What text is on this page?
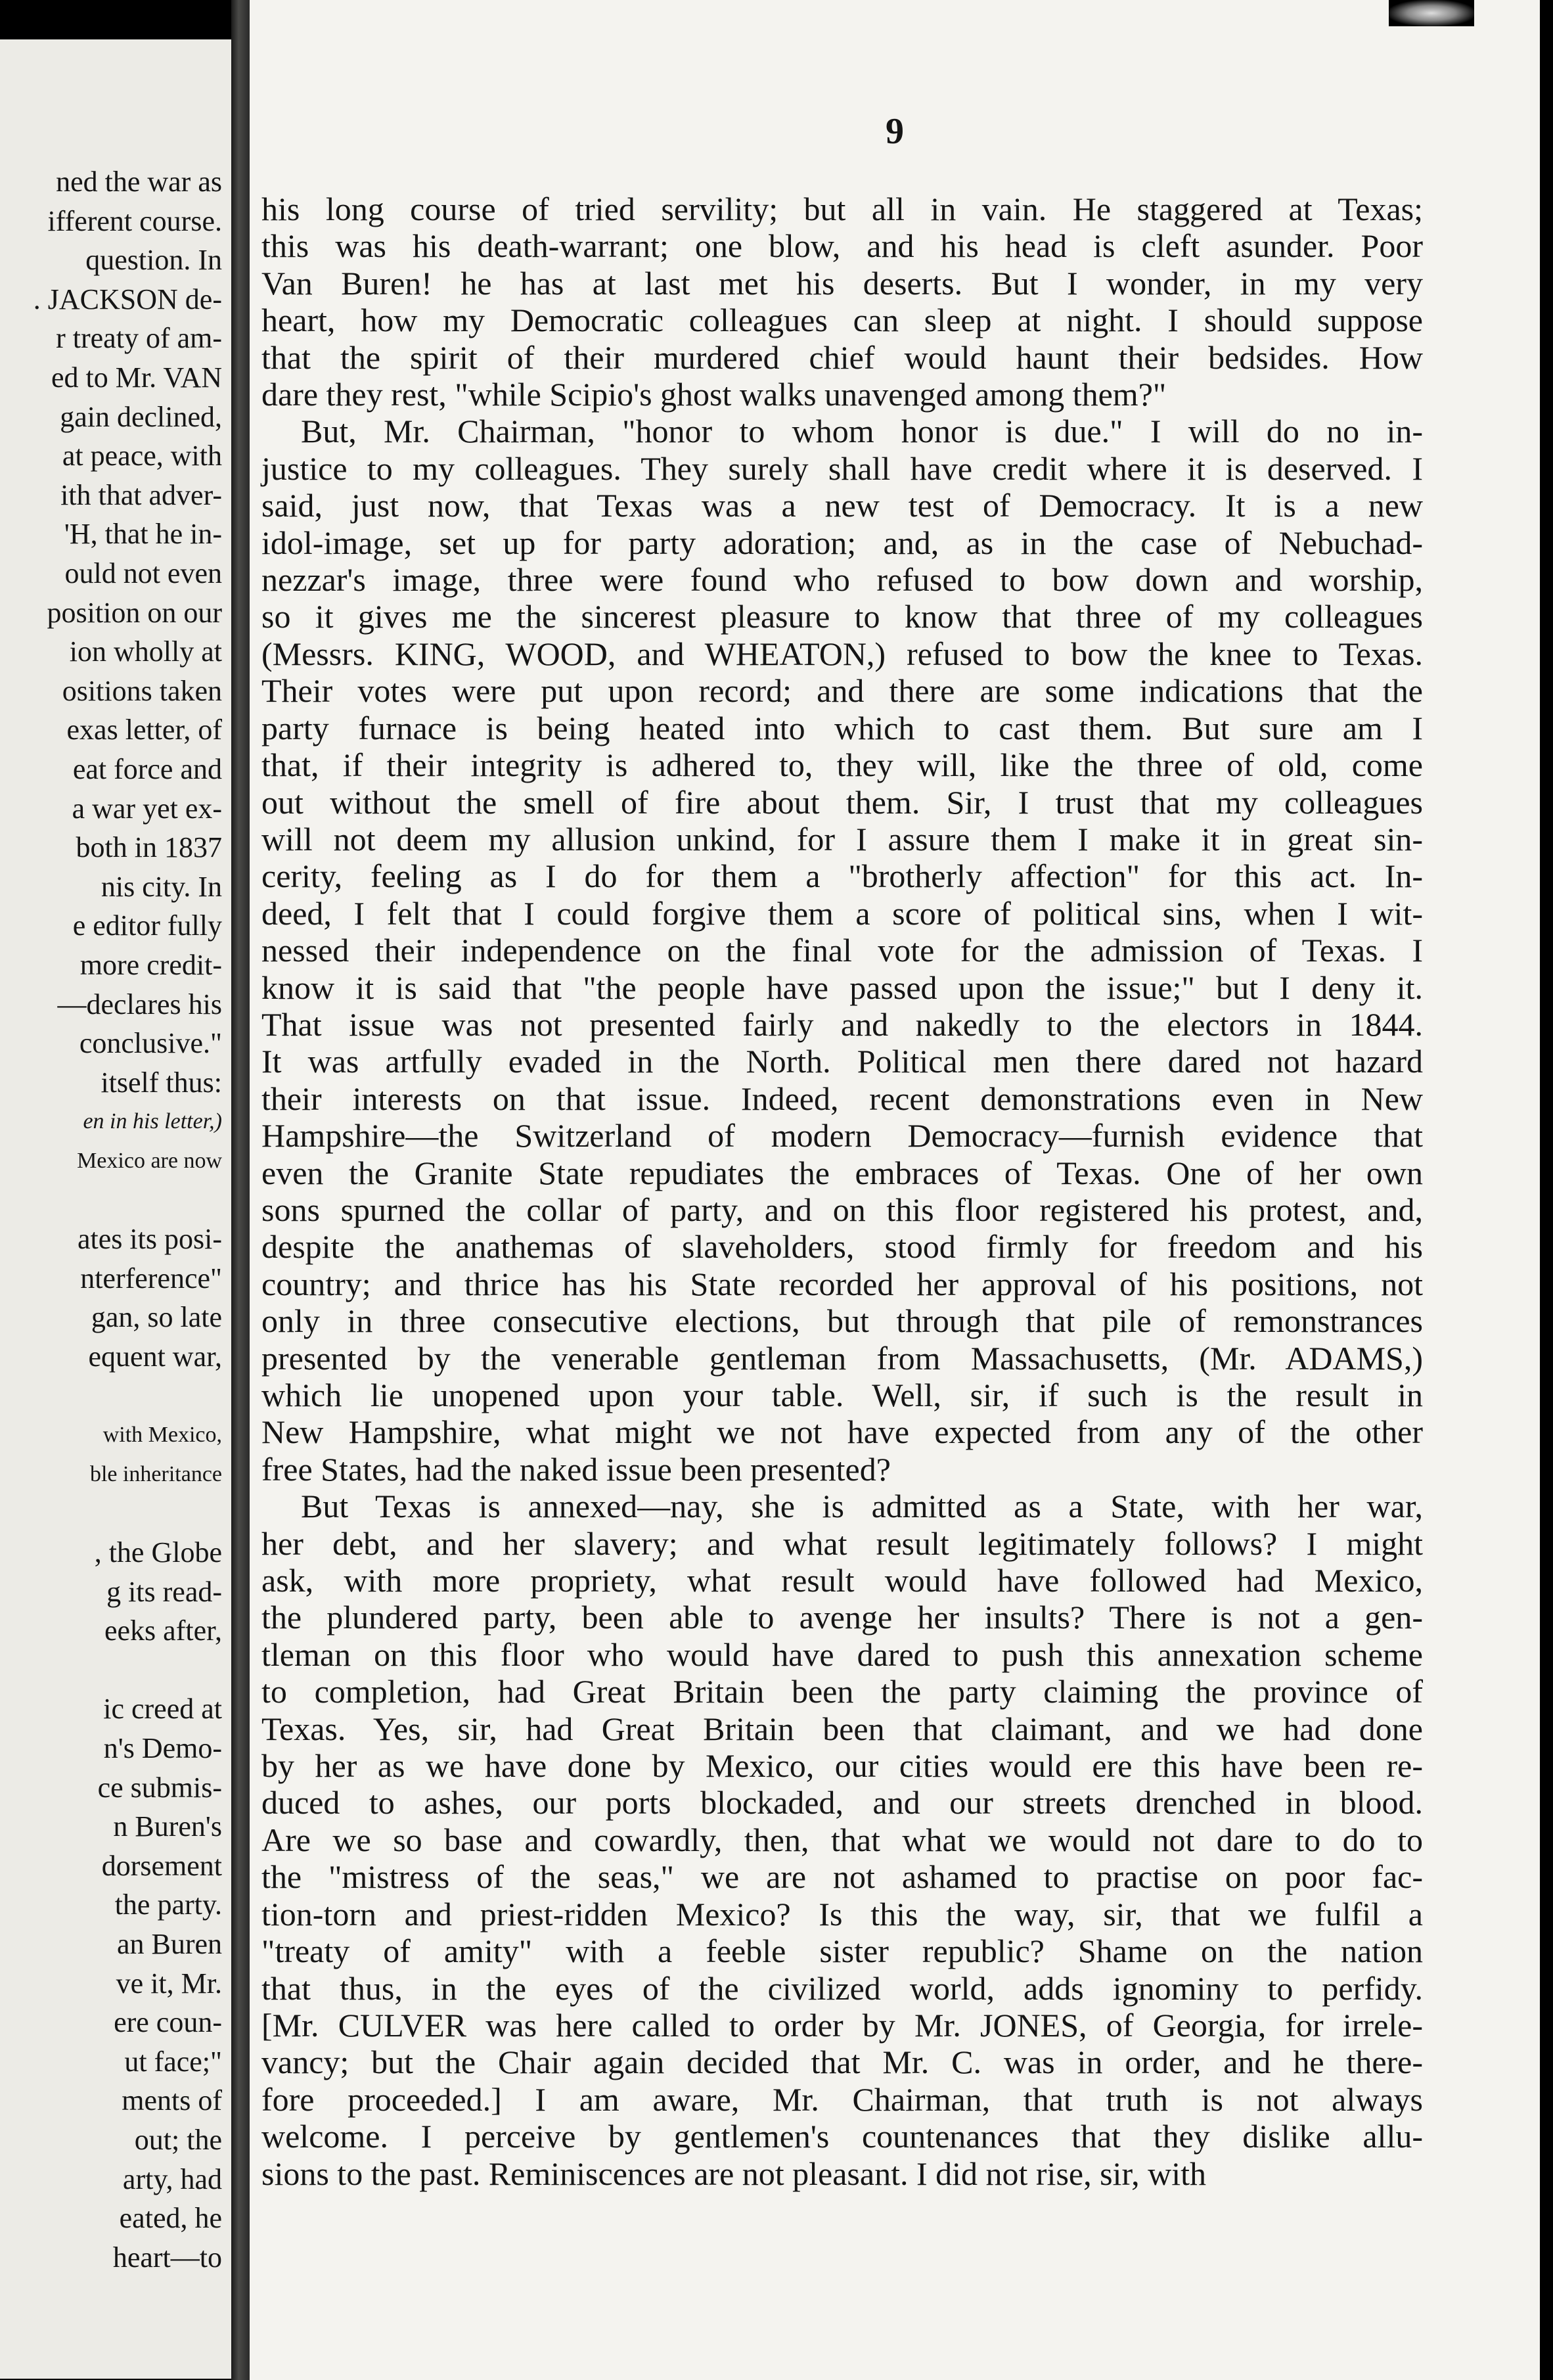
ned the war as
ifferent course.
question. In
. JACKSON de-
r treaty of am-
ed to Mr. VAN
gain declined,
at peace, with
ith that adver-
'H, that he in-
ould not even
position on our
ion wholly at
ositions taken
exas letter, of
eat force and
a war yet ex-
both in 1837
nis city. In
e editor fully
more credit-
—declares his
conclusive."
itself thus:
en in his letter,)
Mexico are now
ates its posi-
nterference"
gan, so late
equent war,
with Mexico,
ble inheritance
, the Globe
g its read-
eeks after,
ic creed at
n's Demo-
ce submis-
n Buren's
dorsement
the party.
an Buren
ve it, Mr.
ere coun-
ut face;"
ments of
out; the
arty, had
eated, he
heart—to
9
his long course of tried servility; but all in vain. He staggered at Texas;
this was his death-warrant; one blow, and his head is cleft asunder. Poor
Van Buren! he has at last met his deserts. But I wonder, in my very
heart, how my Democratic colleagues can sleep at night. I should suppose
that the spirit of their murdered chief would haunt their bedsides. How
dare they rest, "while Scipio's ghost walks unavenged among them?"
But, Mr. Chairman, "honor to whom honor is due." I will do no in-
justice to my colleagues. They surely shall have credit where it is deserved. I
said, just now, that Texas was a new test of Democracy. It is a new
idol-image, set up for party adoration; and, as in the case of Nebuchad-
nezzar's image, three were found who refused to bow down and worship,
so it gives me the sincerest pleasure to know that three of my colleagues
(Messrs. KING, WOOD, and WHEATON,) refused to bow the knee to Texas.
Their votes were put upon record; and there are some indications that the
party furnace is being heated into which to cast them. But sure am I
that, if their integrity is adhered to, they will, like the three of old, come
out without the smell of fire about them. Sir, I trust that my colleagues
will not deem my allusion unkind, for I assure them I make it in great sin-
cerity, feeling as I do for them a "brotherly affection" for this act. In-
deed, I felt that I could forgive them a score of political sins, when I wit-
nessed their independence on the final vote for the admission of Texas. I
know it is said that "the people have passed upon the issue;" but I deny it.
That issue was not presented fairly and nakedly to the electors in 1844.
It was artfully evaded in the North. Political men there dared not hazard
their interests on that issue. Indeed, recent demonstrations even in New
Hampshire—the Switzerland of modern Democracy—furnish evidence that
even the Granite State repudiates the embraces of Texas. One of her own
sons spurned the collar of party, and on this floor registered his protest, and,
despite the anathemas of slaveholders, stood firmly for freedom and his
country; and thrice has his State recorded her approval of his positions, not
only in three consecutive elections, but through that pile of remonstrances
presented by the venerable gentleman from Massachusetts, (Mr. ADAMS,)
which lie unopened upon your table. Well, sir, if such is the result in
New Hampshire, what might we not have expected from any of the other
free States, had the naked issue been presented?
But Texas is annexed—nay, she is admitted as a State, with her war,
her debt, and her slavery; and what result legitimately follows? I might
ask, with more propriety, what result would have followed had Mexico,
the plundered party, been able to avenge her insults? There is not a gen-
tleman on this floor who would have dared to push this annexation scheme
to completion, had Great Britain been the party claiming the province of
Texas. Yes, sir, had Great Britain been that claimant, and we had done
by her as we have done by Mexico, our cities would ere this have been re-
duced to ashes, our ports blockaded, and our streets drenched in blood.
Are we so base and cowardly, then, that what we would not dare to do to
the "mistress of the seas," we are not ashamed to practise on poor fac-
tion-torn and priest-ridden Mexico? Is this the way, sir, that we fulfil a
"treaty of amity" with a feeble sister republic? Shame on the nation
that thus, in the eyes of the civilized world, adds ignominy to perfidy.
[Mr. CULVER was here called to order by Mr. JONES, of Georgia, for irrele-
vancy; but the Chair again decided that Mr. C. was in order, and he there-
fore proceeded.] I am aware, Mr. Chairman, that truth is not always
welcome. I perceive by gentlemen's countenances that they dislike allu-
sions to the past. Reminiscences are not pleasant. I did not rise, sir, with
